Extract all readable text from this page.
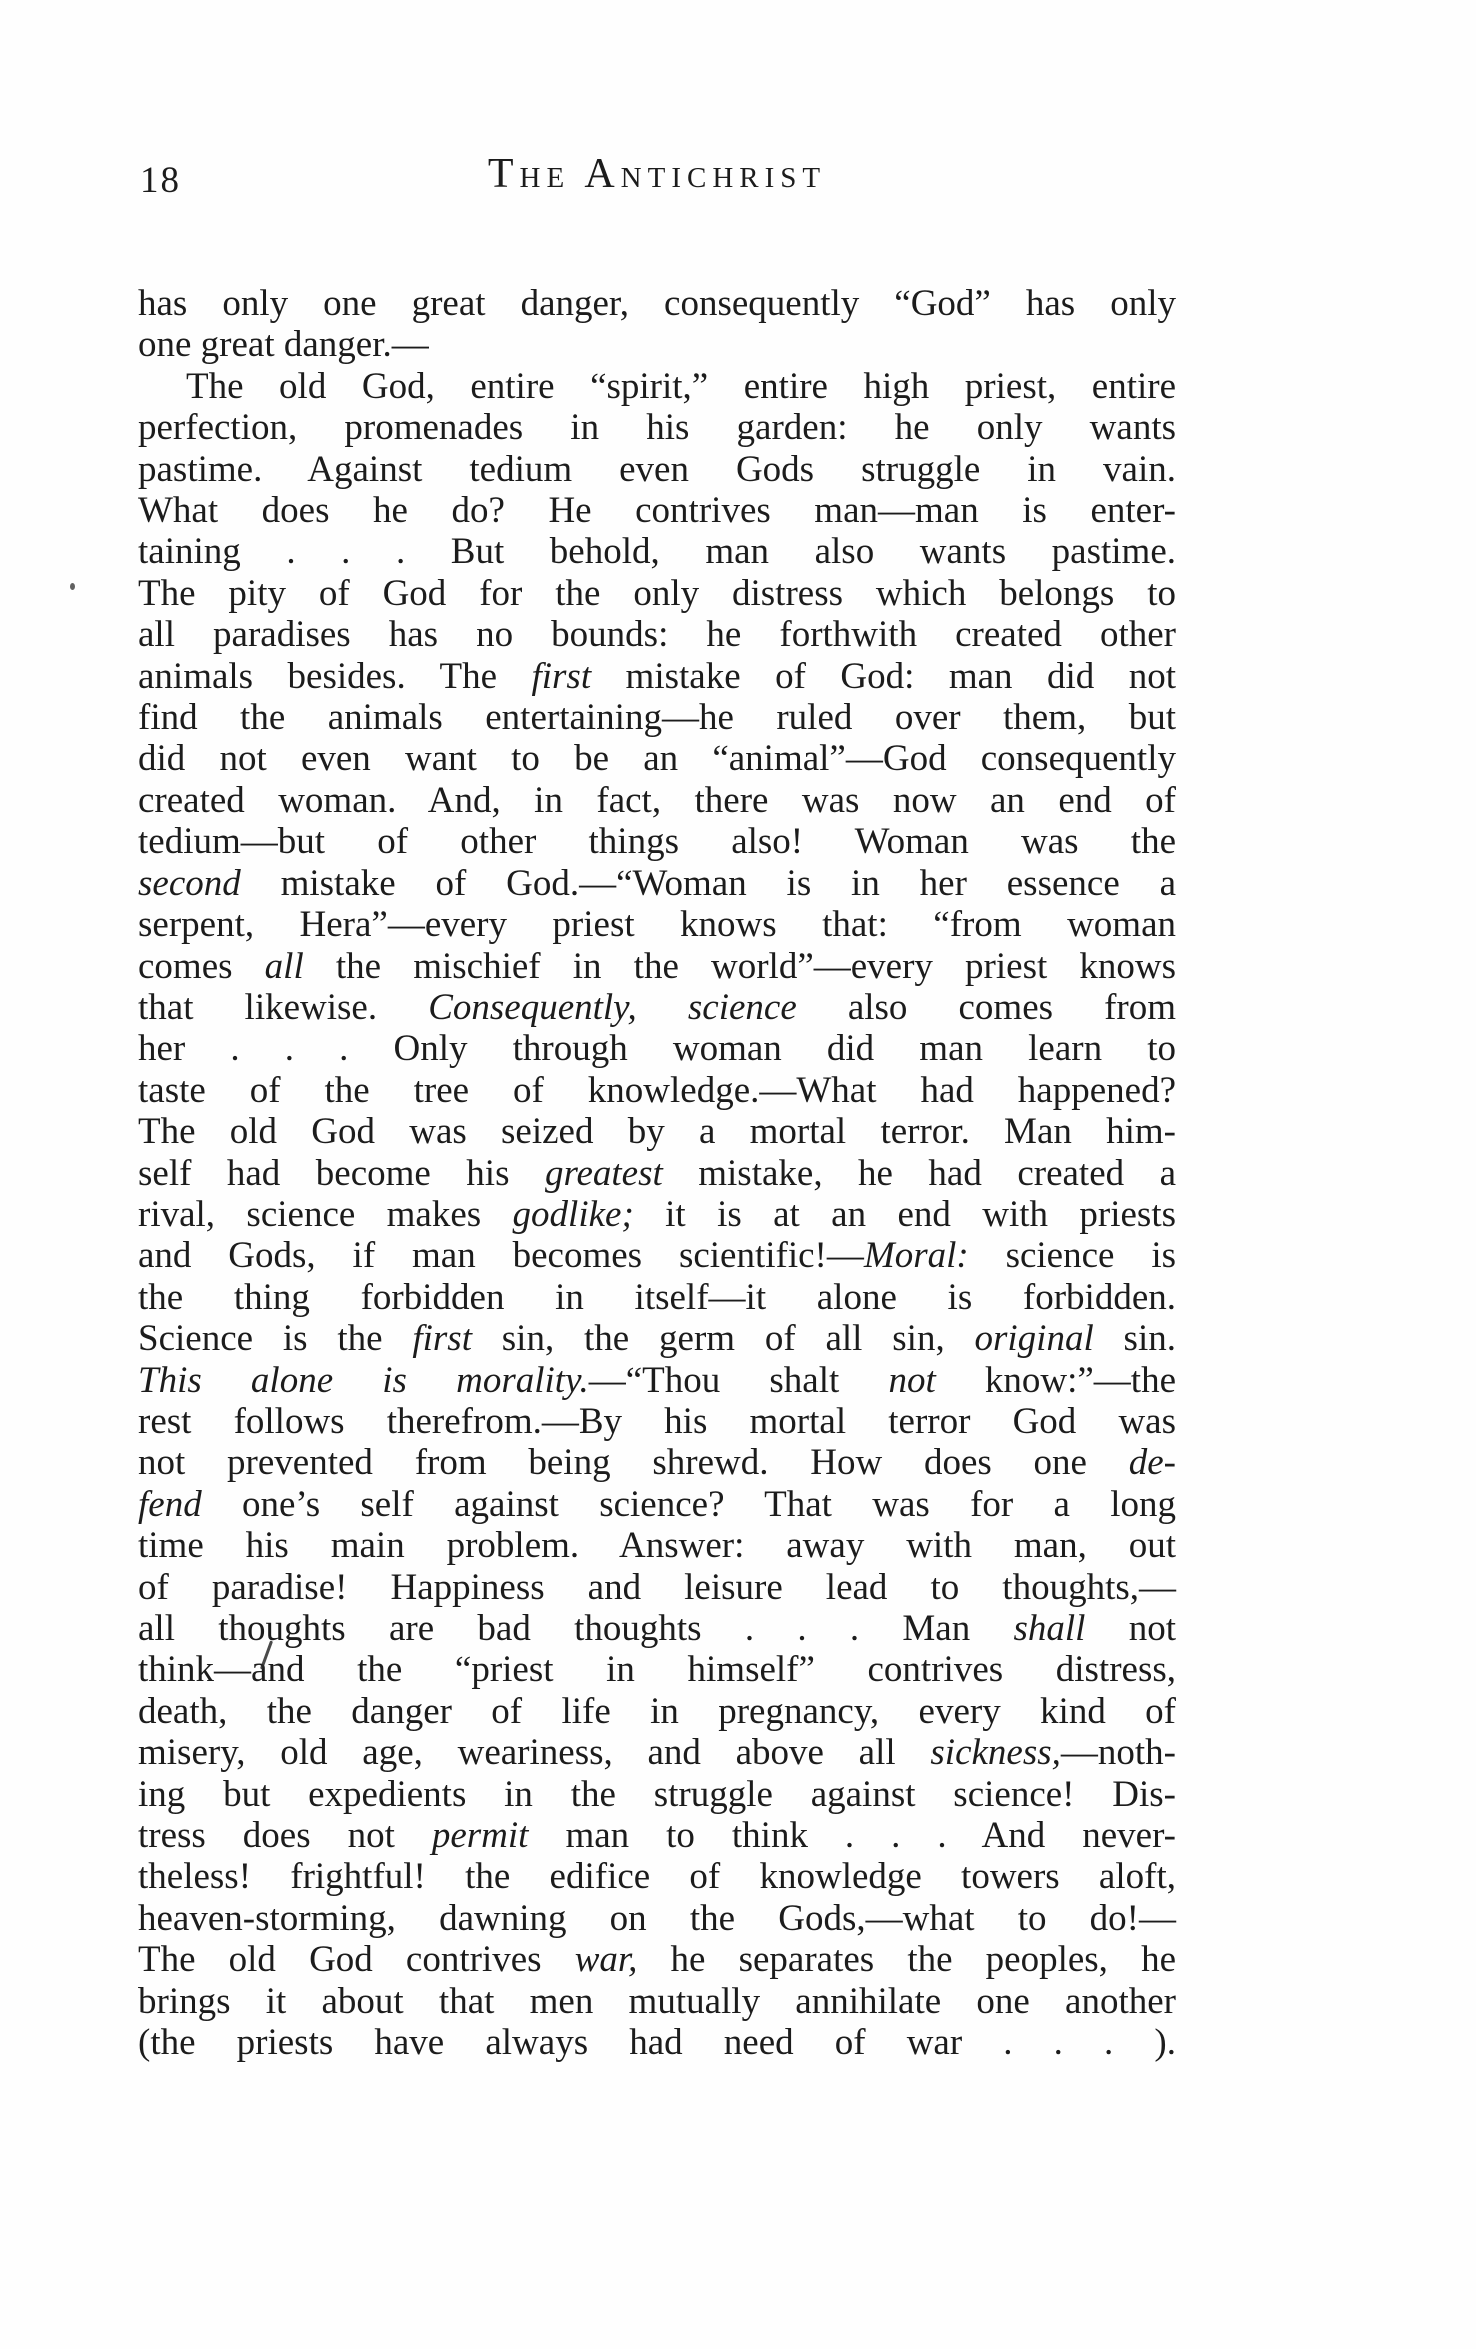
18	The Antichrist
has only one great danger, consequently “God” has only
one great danger.—
The old God, entire “spirit,” entire high priest, entire
perfection, promenades in his garden: he only wants
pastime. Against tedium even Gods struggle in vain.
What does he do? He contrives man—man is enter-
taining . . . But behold, man also wants pastime.
The pity of God for the only distress which belongs to
all paradises has no bounds: he forthwith created other
animals besides. The first mistake of God: man did not
find the animals entertaining—he ruled over them, but
did not even want to be an “animal”—God consequently
created woman. And, in fact, there was now an end of
tedium—but of other things also! Woman was the
second mistake of God.—“Woman is in her essence a
serpent, Hera”—every priest knows that: “from woman
comes all the mischief in the world”—every priest knows
that likewise. Consequently, science also comes from
her . . . Only through woman did man learn to
taste of the tree of knowledge.—What had happened?
The old God was seized by a mortal terror. Man him-
self had become his greatest mistake, he had created a
rival, science makes godlike; it is at an end with priests
and Gods, if man becomes scientific!—Moral: science is
the thing forbidden in itself—it alone is forbidden.
Science is the first sin, the germ of all sin, original sin.
This alone is morality.—“Thou shalt not know:”—the
rest follows therefrom.—By his mortal terror God was
not prevented from being shrewd. How does one de-
fend one’s self against science? That was for a long
time his main problem. Answer: away with man, out
of paradise! Happiness and leisure lead to thoughts,—
all thoughts are bad thoughts . . . Man shall not
think—and the “priest in himself” contrives distress,
death, the danger of life in pregnancy, every kind of
misery, old age, weariness, and above all sickness,—noth-
ing but expedients in the struggle against science! Dis-
tress does not permit man to think . . . And never-
theless! frightful! the edifice of knowledge towers aloft,
heaven-storming, dawning on the Gods,—what to do!—
The old God contrives war, he separates the peoples, he
brings it about that men mutually annihilate one another
(the priests have always had need of war . . . ).
